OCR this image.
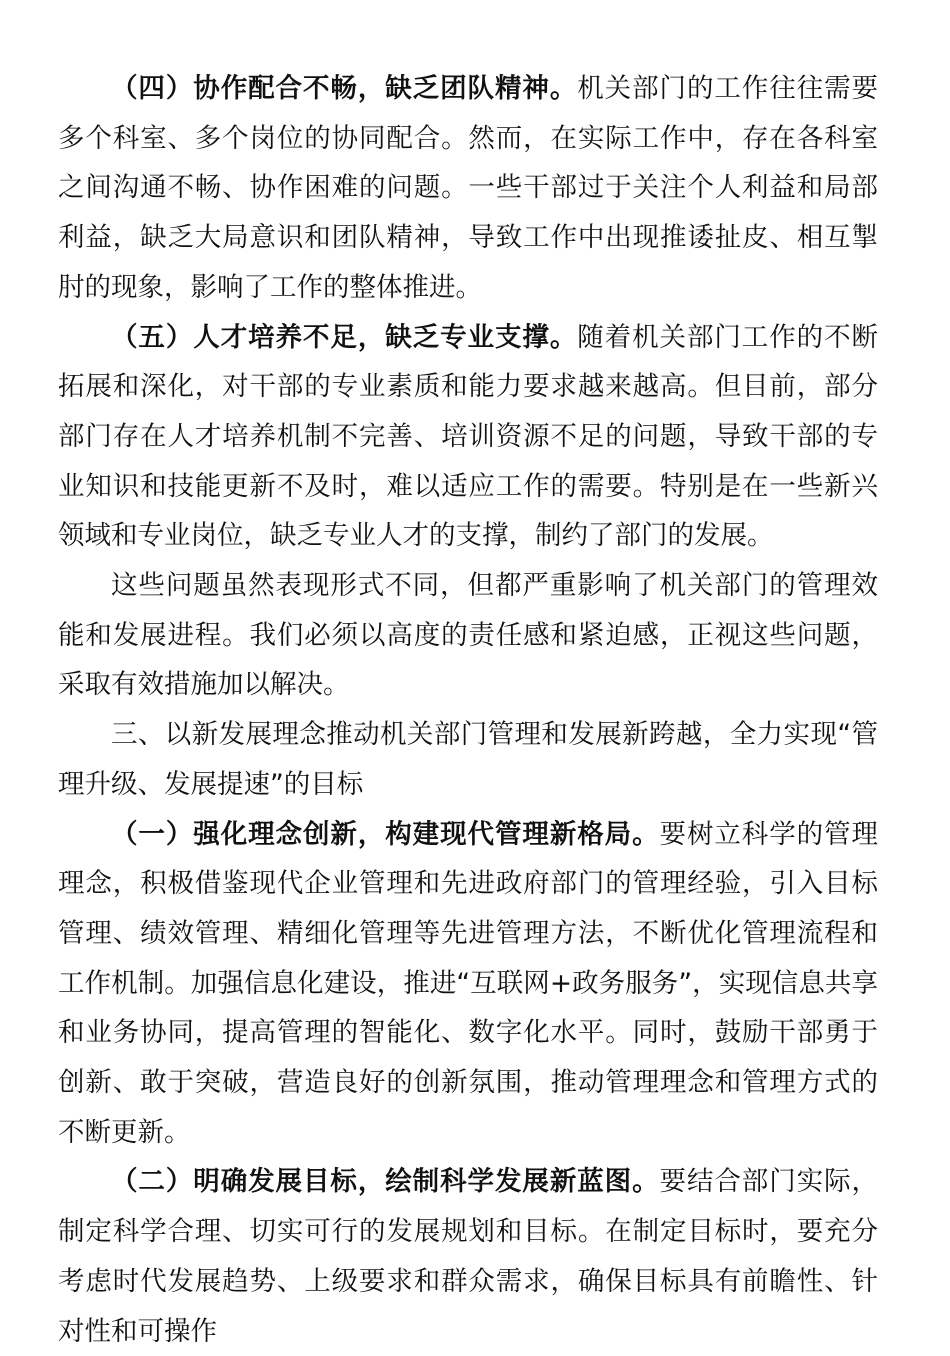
（四）协作配合不畅，缺乏团队精神。机关部门的工作往往需要多个科室、多个岗位的协同配合。然而，在实际工作中，存在各科室之间沟通不畅、协作困难的问题。一些干部过于关注个人利益和局部利益，缺乏大局意识和团队精神，导致工作中出现推诿扯皮、相互掣肘的现象，影响了工作的整体推进。

（五）人才培养不足，缺乏专业支撑。随着机关部门工作的不断拓展和深化，对干部的专业素质和能力要求越来越高。但目前，部分部门存在人才培养机制不完善、培训资源不足的问题，导致干部的专业知识和技能更新不及时，难以适应工作的需要。特别是在一些新兴领域和专业岗位，缺乏专业人才的支撑，制约了部门的发展。

这些问题虽然表现形式不同，但都严重影响了机关部门的管理效能和发展进程。我们必须以高度的责任感和紧迫感，正视这些问题，采取有效措施加以解决。

三、以新发展理念推动机关部门管理和发展新跨越，全力实现“管理升级、发展提速”的目标

（一）强化理念创新，构建现代管理新格局。要树立科学的管理理念，积极借鉴现代企业管理和先进政府部门的管理经验，引入目标管理、绩效管理、精细化管理等先进管理方法，不断优化管理流程和工作机制。加强信息化建设，推进“互联网+政务服务”，实现信息共享和业务协同，提高管理的智能化、数字化水平。同时，鼓励干部勇于创新、敢于突破，营造良好的创新氛围，推动管理理念和管理方式的不断更新。

（二）明确发展目标，绘制科学发展新蓝图。要结合部门实际，制定科学合理、切实可行的发展规划和目标。在制定目标时，要充分考虑时代发展趋势、上级要求和群众需求，确保目标具有前瞻性、针对性和可操作
